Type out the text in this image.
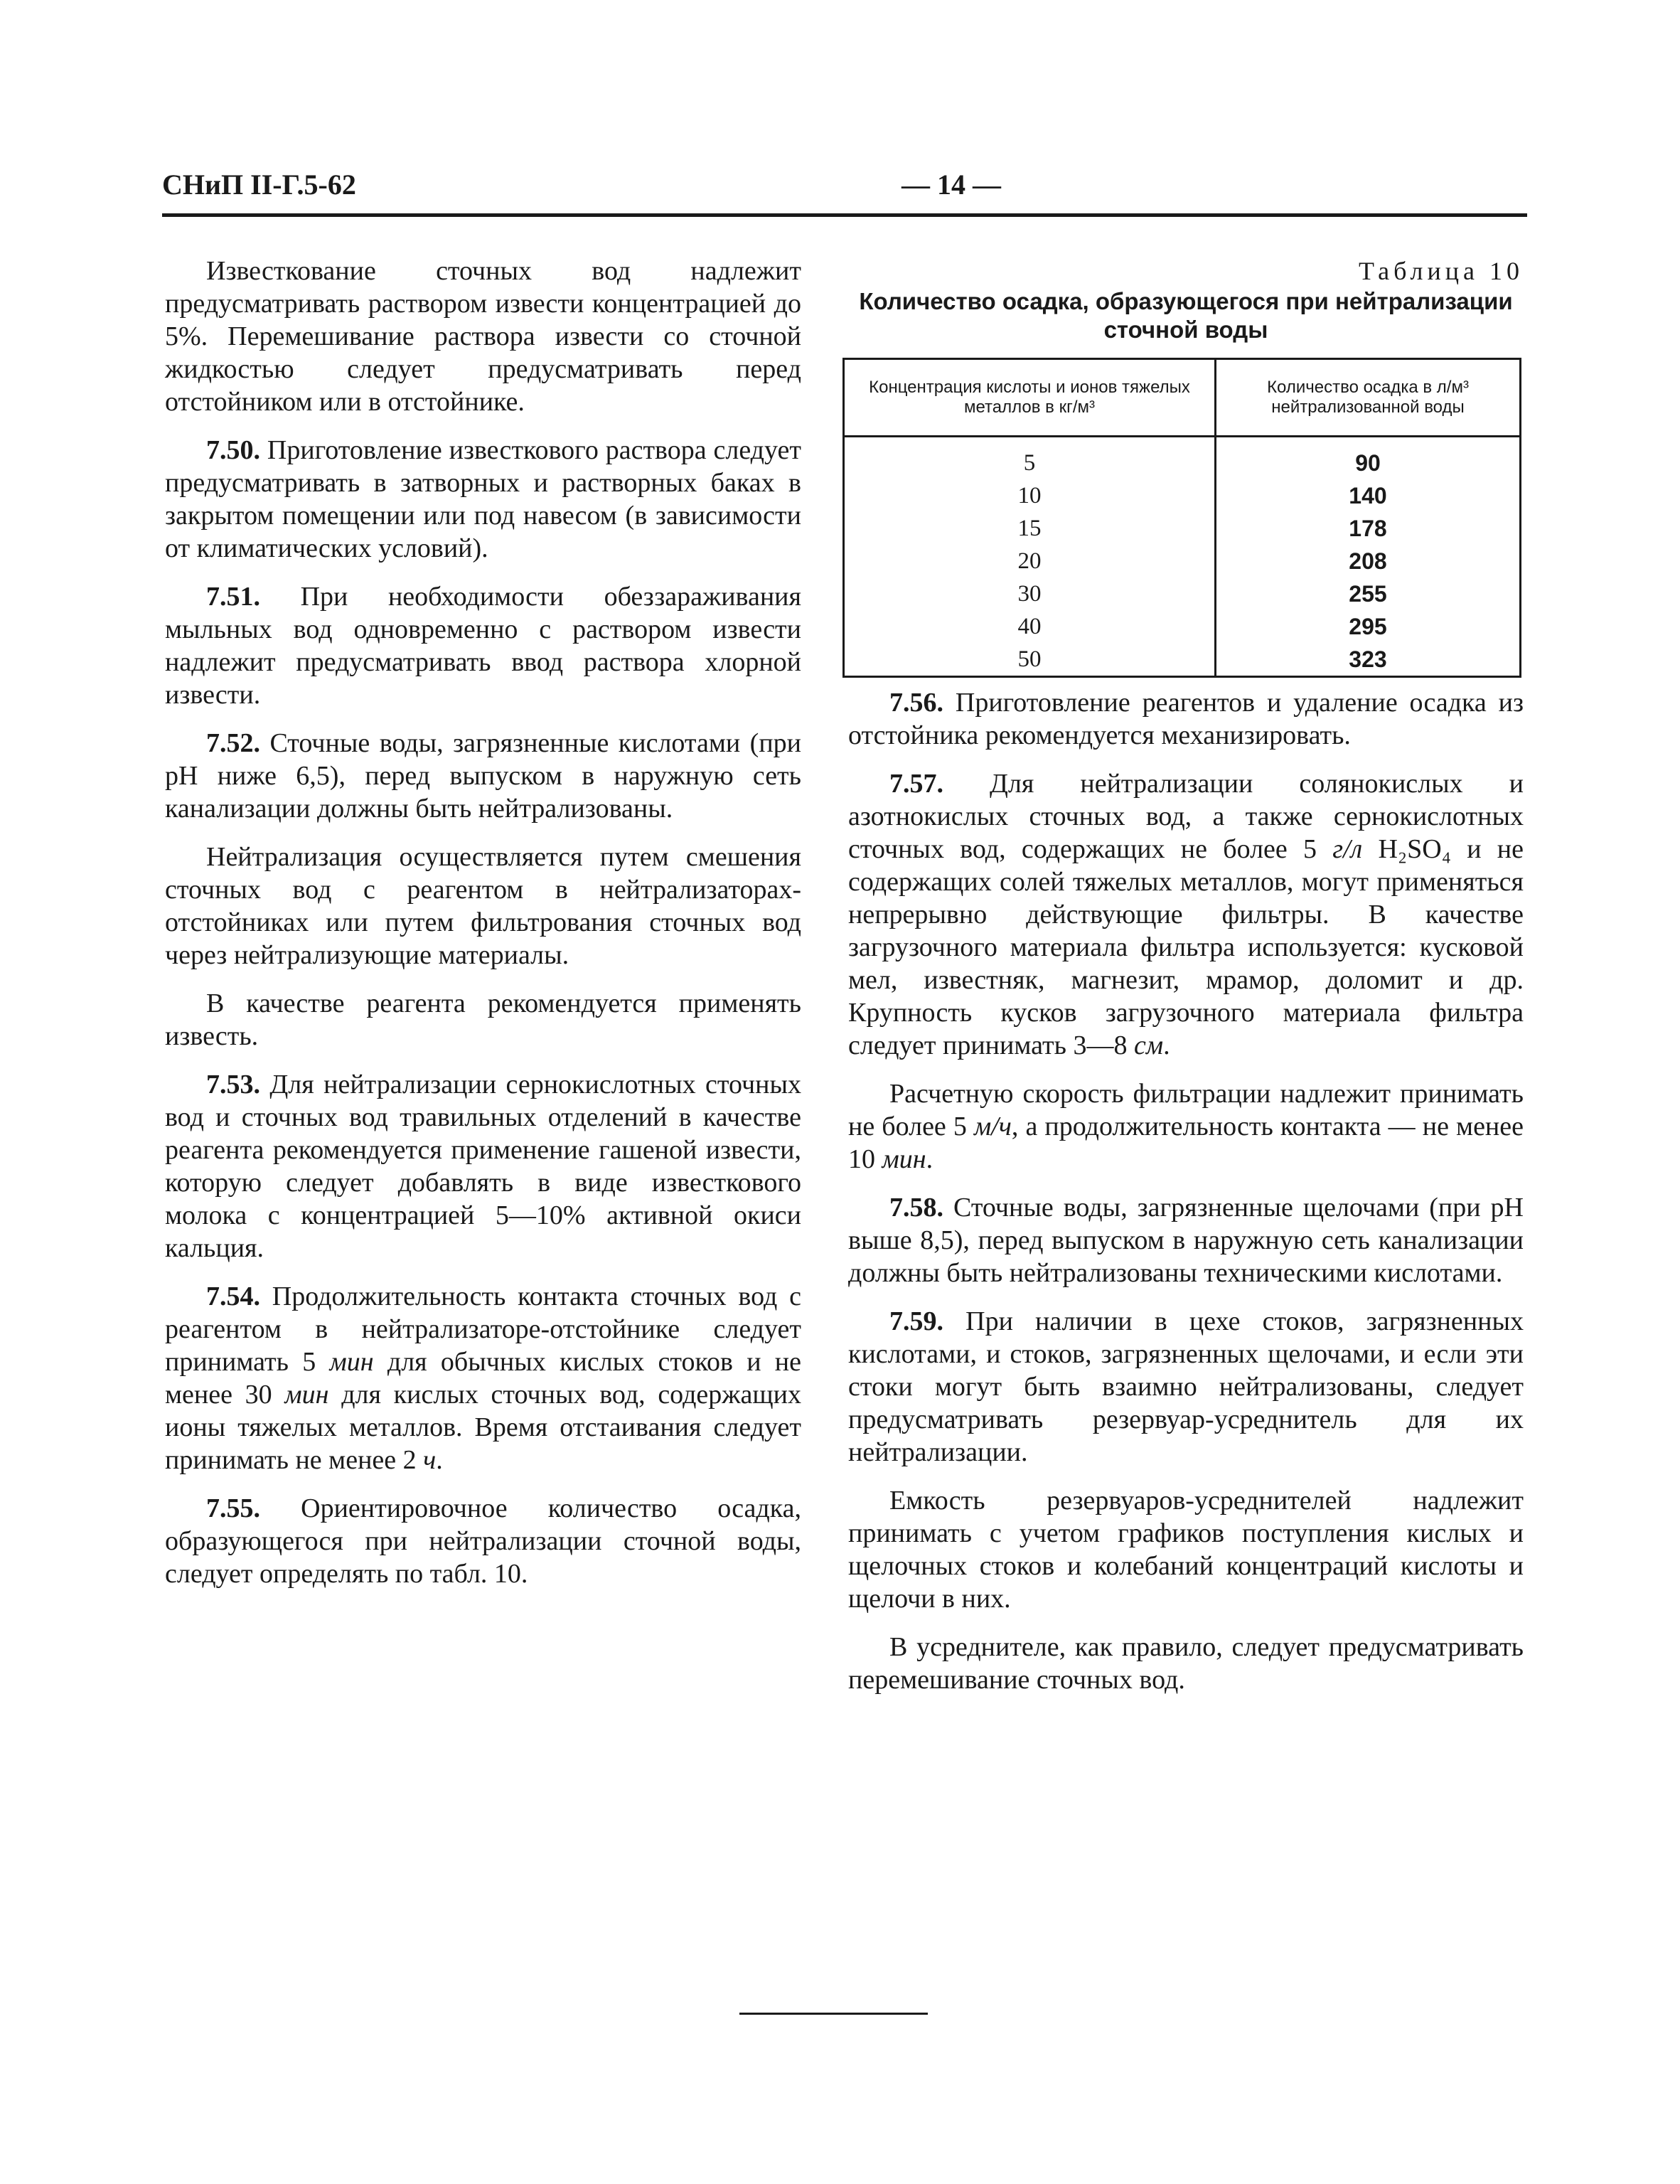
СНиП II-Г.5-62	— 14 —

Известкование сточных вод надлежит предусматривать раствором извести концентрацией до 5%. Перемешивание раствора извести со сточной жидкостью следует предусматривать перед отстойником или в отстойнике.

7.50. Приготовление известкового раствора следует предусматривать в затворных и растворных баках в закрытом помещении или под навесом (в зависимости от климатических условий).

7.51. При необходимости обеззараживания мыльных вод одновременно с раствором извести надлежит предусматривать ввод раствора хлорной извести.

7.52. Сточные воды, загрязненные кислотами (при pH ниже 6,5), перед выпуском в наружную сеть канализации должны быть нейтрализованы.

Нейтрализация осуществляется путем смешения сточных вод с реагентом в нейтрализаторах-отстойниках или путем фильтрования сточных вод через нейтрализующие материалы.

В качестве реагента рекомендуется применять известь.

7.53. Для нейтрализации сернокислотных сточных вод и сточных вод травильных отделений в качестве реагента рекомендуется применение гашеной извести, которую следует добавлять в виде известкового молока с концентрацией 5—10% активной окиси кальция.

7.54. Продолжительность контакта сточных вод с реагентом в нейтрализаторе-отстойнике следует принимать 5 мин для обычных кислых стоков и не менее 30 мин для кислых сточных вод, содержащих ионы тяжелых металлов. Время отстаивания следует принимать не менее 2 ч.

7.55. Ориентировочное количество осадка, образующегося при нейтрализации сточной воды, следует определять по табл. 10.

Таблица 10
Количество осадка, образующегося при нейтрализации сточной воды
Концентрация кислоты и ионов тяжелых металлов в кг/м³	Количество осадка в л/м³ нейтрализованной воды
5	90
10	140
15	178
20	208
30	255
40	295
50	323

7.56. Приготовление реагентов и удаление осадка из отстойника рекомендуется механизировать.

7.57. Для нейтрализации солянокислых и азотнокислых сточных вод, а также сернокислотных сточных вод, содержащих не более 5 г/л H₂SO₄ и не содержащих солей тяжелых металлов, могут применяться непрерывно действующие фильтры. В качестве загрузочного материала фильтра используется: кусковой мел, известняк, магнезит, мрамор, доломит и др. Крупность кусков загрузочного материала фильтра следует принимать 3—8 см.

Расчетную скорость фильтрации надлежит принимать не более 5 м/ч, а продолжительность контакта — не менее 10 мин.

7.58. Сточные воды, загрязненные щелочами (при pH выше 8,5), перед выпуском в наружную сеть канализации должны быть нейтрализованы техническими кислотами.

7.59. При наличии в цехе стоков, загрязненных кислотами, и стоков, загрязненных щелочами, и если эти стоки могут быть взаимно нейтрализованы, следует предусматривать резервуар-усреднитель для их нейтрализации.

Емкость резервуаров-усреднителей надлежит принимать с учетом графиков поступления кислых и щелочных стоков и колебаний концентраций кислоты и щелочи в них.

В усреднителе, как правило, следует предусматривать перемешивание сточных вод.
